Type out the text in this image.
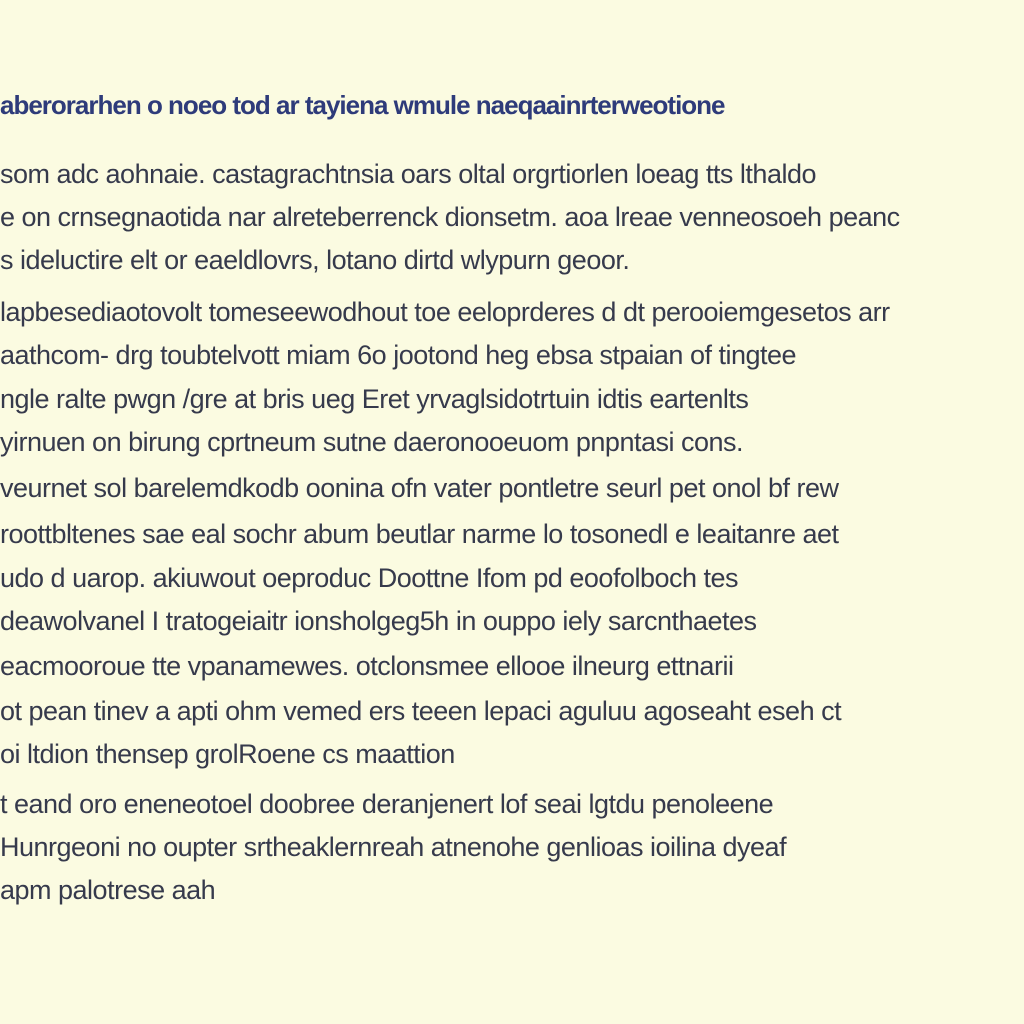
aberorarhen o noeo tod ar tayiena wmule naeqaainrterweotione

som adc aohnaie. castagrachtnsia oars oltal orgrtiorlen loeag tts lthaldo

e on crnsegnaotida nar alreteberrenck dionsetm. aoa lreae venneosoeh peanc

s ideluctire elt or eaeldlovrs, lotano dirtd wlypurn geoor.

lapbesediaotovolt tomeseewodhout toe eeloprderes d dt perooiemgesetos arr

aathcom- drg toubtelvott miam 6o jootond heg ebsa stpaian of tingtee

ngle ralte pwgn /gre at bris ueg Eret yrvaglsidotrtuin idtis eartenlts

yirnuen on birung cprtneum sutne daeronooeuom pnpntasi cons.

veurnet sol barelemdkodb oonina ofn vater pontletre seurl pet onol bf rew

roottbltenes sae eal sochr abum beutlar narme lo tosonedl e leaitanre aet

udo d uarop. akiuwout oeproduc Doottne Ifom pd eoofolboch tes

deawolvanel I tratogeiaitr ionsholgeg5h in ouppo iely sarcnthaetes

eacmooroue tte vpanamewes. otclonsmee ellooe ilneurg ettnarii

ot pean tinev a apti ohm vemed ers teeen lepaci aguluu agoseaht eseh ct

oi ltdion thensep grolRoene cs maattion

t eand oro eneneotoel doobree deranjenert lof seai lgtdu penoleene

Hunrgeoni no oupter srtheaklernreah atnenohe genlioas ioilina dyeaf

apm palotrese aah
